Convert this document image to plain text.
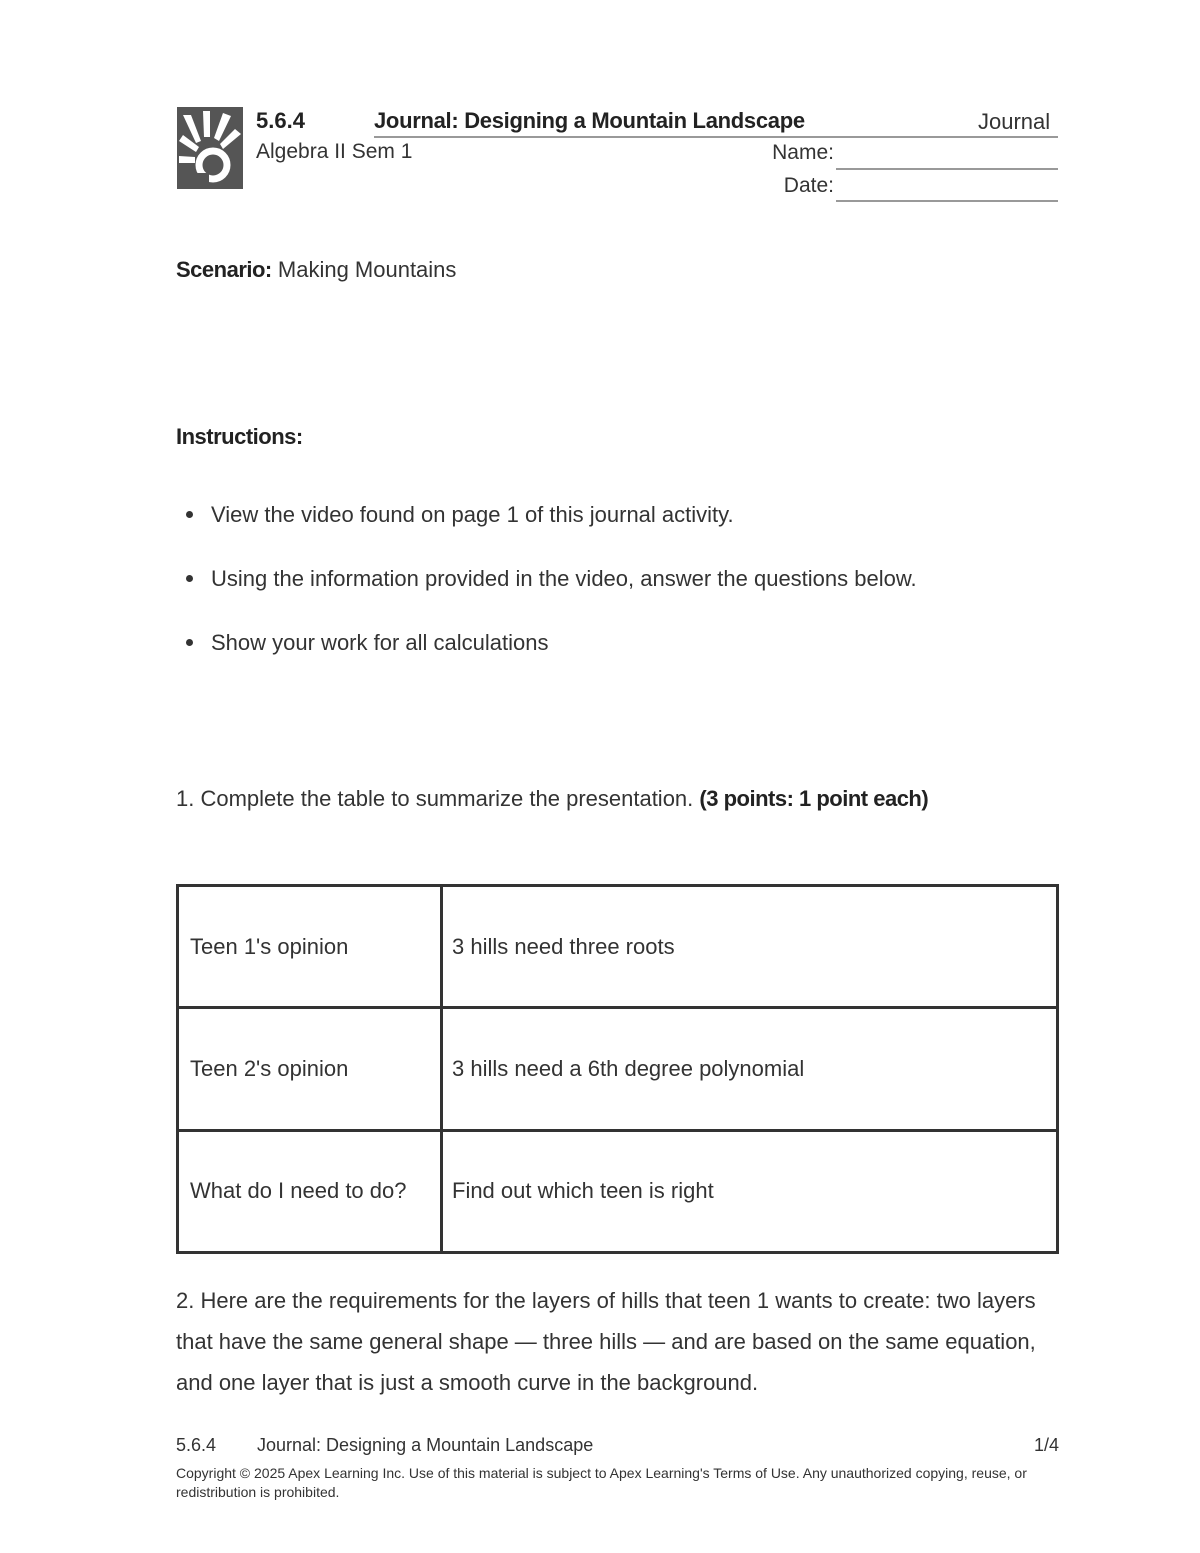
5.6.4	Journal: Designing a Mountain Landscape	Journal
Algebra II Sem 1	Name:
Date:
Scenario: Making Mountains
Instructions:
View the video found on page 1 of this journal activity.
Using the information provided in the video, answer the questions below.
Show your work for all calculations
1. Complete the table to summarize the presentation. (3 points: 1 point each)
Teen 1's opinion	3 hills need three roots
Teen 2's opinion	3 hills need a 6th degree polynomial
What do I need to do?	Find out which teen is right
2. Here are the requirements for the layers of hills that teen 1 wants to create: two layers that have the same general shape — three hills — and are based on the same equation, and one layer that is just a smooth curve in the background.
5.6.4 Journal: Designing a Mountain Landscape	1/4
Copyright © 2025 Apex Learning Inc. Use of this material is subject to Apex Learning's Terms of Use. Any unauthorized copying, reuse, or redistribution is prohibited.
